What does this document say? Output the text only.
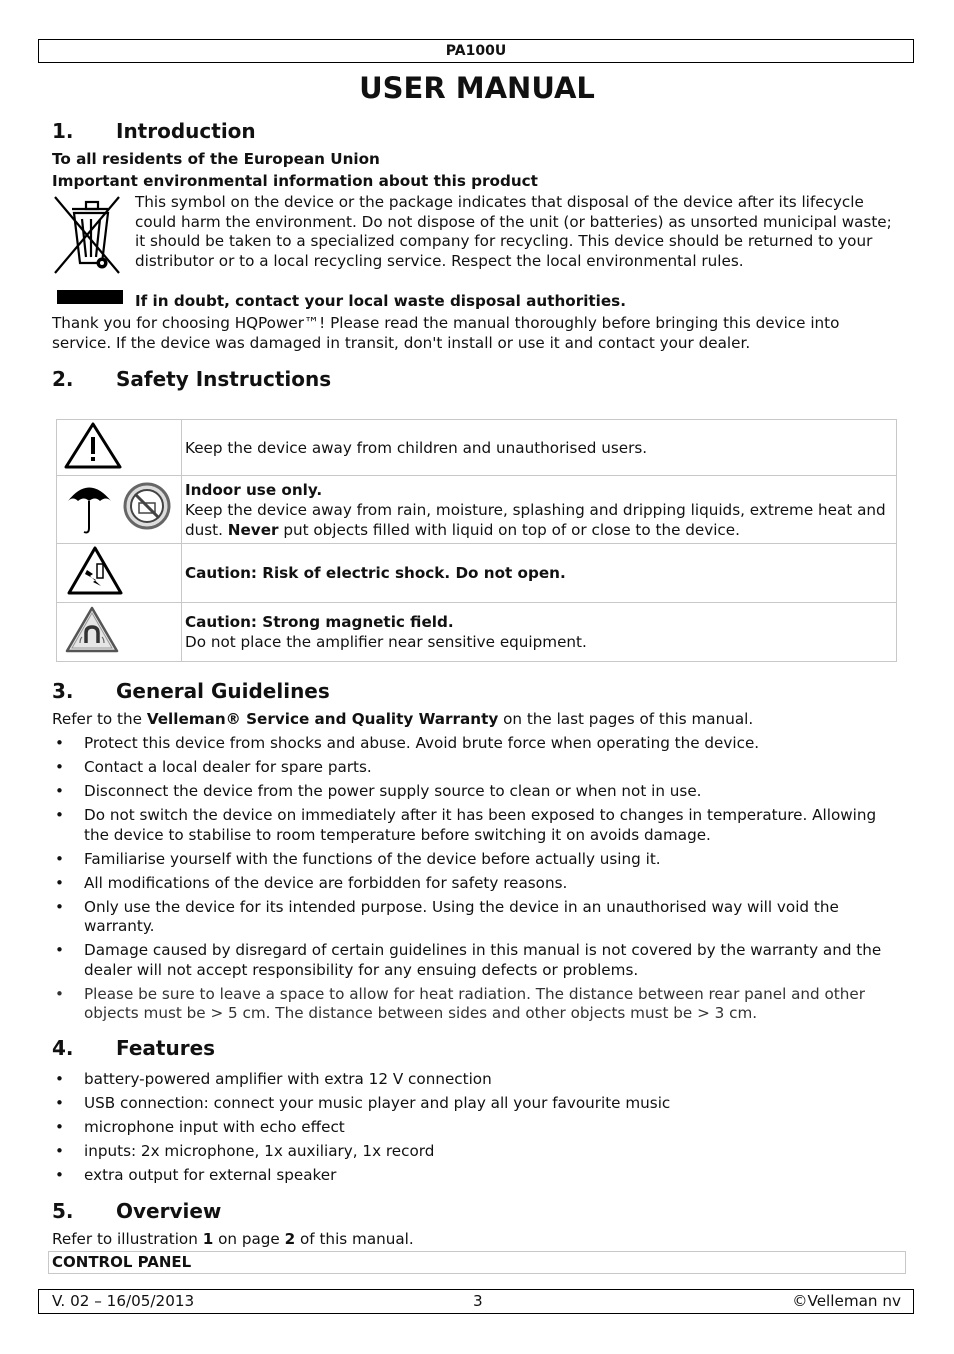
PA100U
USER MANUAL
1. Introduction
To all residents of the European Union
Important environmental information about this product
This symbol on the device or the package indicates that disposal of the device after its lifecycle could harm the environment. Do not dispose of the unit (or batteries) as unsorted municipal waste; it should be taken to a specialized company for recycling. This device should be returned to your distributor or to a local recycling service. Respect the local environmental rules.
If in doubt, contact your local waste disposal authorities.
Thank you for choosing HQPower™! Please read the manual thoroughly before bringing this device into service. If the device was damaged in transit, don't install or use it and contact your dealer.
2. Safety Instructions
	Keep the device away from children and unauthorised users.

Indoor use only.
Keep the device away from rain, moisture, splashing and dripping liquids, extreme heat and dust. Never put objects filled with liquid on top of or close to the device.

	Caution: Risk of electric shock. Do not open.

Caution: Strong magnetic field.
Do not place the amplifier near sensitive equipment.
3. General Guidelines
Refer to the Velleman® Service and Quality Warranty on the last pages of this manual.
• Protect this device from shocks and abuse. Avoid brute force when operating the device.
• Contact a local dealer for spare parts.
• Disconnect the device from the power supply source to clean or when not in use.
• Do not switch the device on immediately after it has been exposed to changes in temperature. Allowing the device to stabilise to room temperature before switching it on avoids damage.
• Familiarise yourself with the functions of the device before actually using it.
• All modifications of the device are forbidden for safety reasons.
• Only use the device for its intended purpose. Using the device in an unauthorised way will void the warranty.
• Damage caused by disregard of certain guidelines in this manual is not covered by the warranty and the dealer will not accept responsibility for any ensuing defects or problems.
• Please be sure to leave a space to allow for heat radiation. The distance between rear panel and other objects must be > 5 cm. The distance between sides and other objects must be > 3 cm.
4. Features
• battery-powered amplifier with extra 12 V connection
• USB connection: connect your music player and play all your favourite music
• microphone input with echo effect
• inputs: 2x microphone, 1x auxiliary, 1x record
• extra output for external speaker
5. Overview
Refer to illustration 1 on page 2 of this manual.
CONTROL PANEL
V. 02 – 16/05/2013	3	©Velleman nv
